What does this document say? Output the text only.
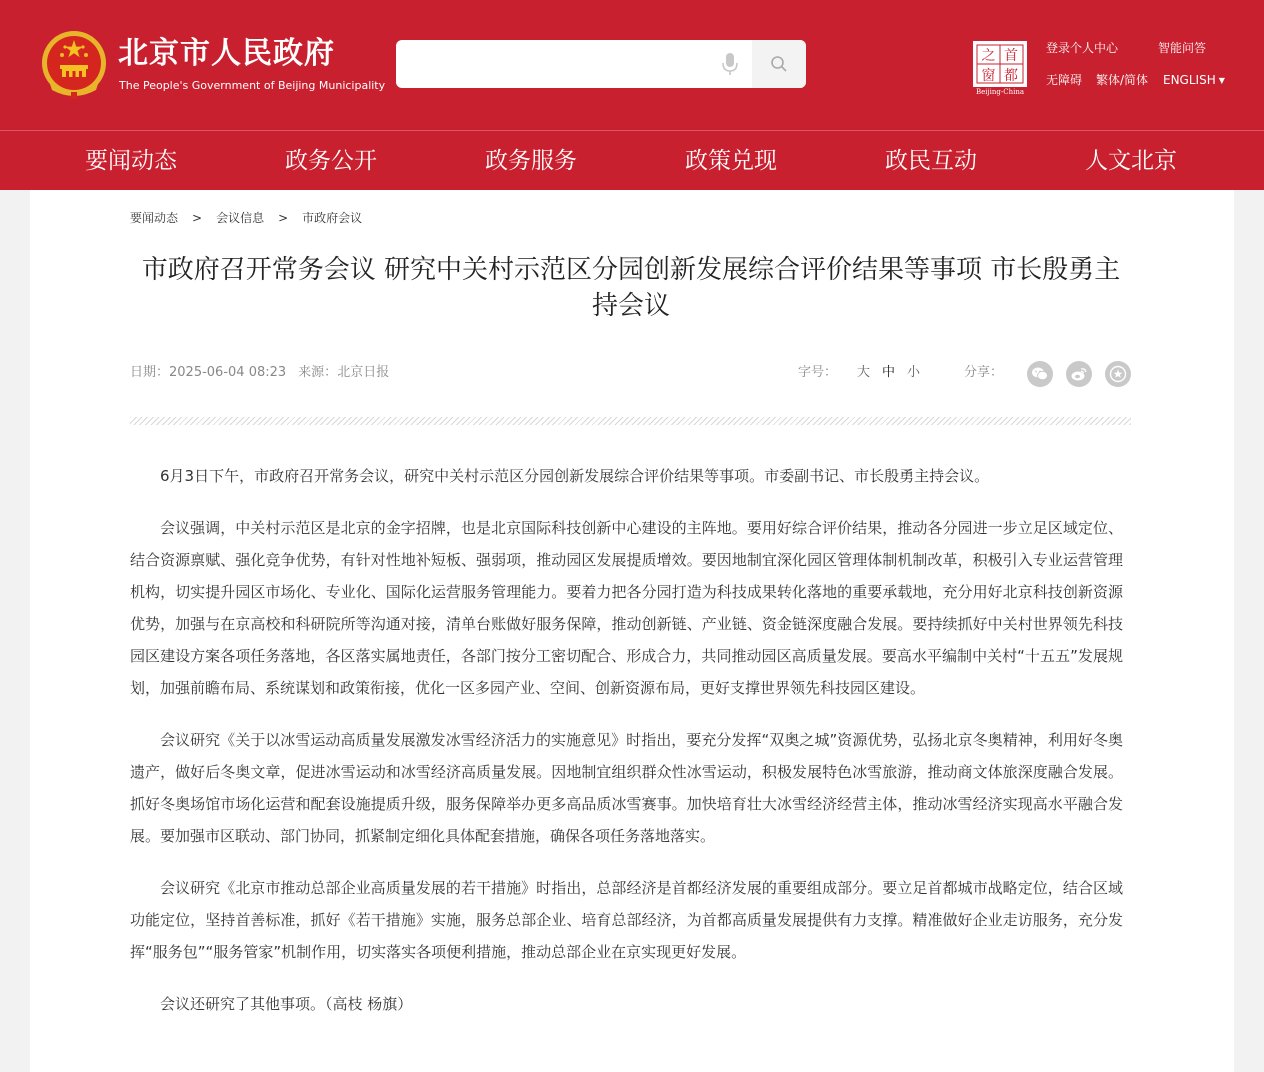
北京市人民政府
The People's Government of Beijing Municipality
首
都
之
窗
Beijing-China
登录个人中心	智能问答
无障碍 繁体/简体 ENGLISH ▼
要闻动态	政务公开	政务服务	政策兑现	政民互动	人文北京
要闻动态 > 会议信息 > 市政府会议
市政府召开常务会议 研究中关村示范区分园创新发展综合评价结果等事项 市长殷勇主持会议
日期：2025-06-04 08:23 来源：北京日报	字号： 大 中 小	分享：

6月3日下午，市政府召开常务会议，研究中关村示范区分园创新发展综合评价结果等事项。市委副书记、市长殷勇主持会议。

会议强调，中关村示范区是北京的金字招牌，也是北京国际科技创新中心建设的主阵地。要用好综合评价结果，推动各分园进一步立足区域定位、结合资源禀赋、强化竞争优势，有针对性地补短板、强弱项，推动园区发展提质增效。要因地制宜深化园区管理体制机制改革，积极引入专业运营管理机构，切实提升园区市场化、专业化、国际化运营服务管理能力。要着力把各分园打造为科技成果转化落地的重要承载地，充分用好北京科技创新资源优势，加强与在京高校和科研院所等沟通对接，清单台账做好服务保障，推动创新链、产业链、资金链深度融合发展。要持续抓好中关村世界领先科技园区建设方案各项任务落地，各区落实属地责任，各部门按分工密切配合、形成合力，共同推动园区高质量发展。要高水平编制中关村“十五五”发展规划，加强前瞻布局、系统谋划和政策衔接，优化一区多园产业、空间、创新资源布局，更好支撑世界领先科技园区建设。

会议研究《关于以冰雪运动高质量发展激发冰雪经济活力的实施意见》时指出，要充分发挥“双奥之城”资源优势，弘扬北京冬奥精神，利用好冬奥遗产，做好后冬奥文章，促进冰雪运动和冰雪经济高质量发展。因地制宜组织群众性冰雪运动，积极发展特色冰雪旅游，推动商文体旅深度融合发展。抓好冬奥场馆市场化运营和配套设施提质升级，服务保障举办更多高品质冰雪赛事。加快培育壮大冰雪经济经营主体，推动冰雪经济实现高水平融合发展。要加强市区联动、部门协同，抓紧制定细化具体配套措施，确保各项任务落地落实。

会议研究《北京市推动总部企业高质量发展的若干措施》时指出，总部经济是首都经济发展的重要组成部分。要立足首都城市战略定位，结合区域功能定位，坚持首善标准，抓好《若干措施》实施，服务总部企业、培育总部经济，为首都高质量发展提供有力支撑。精准做好企业走访服务，充分发挥“服务包”“服务管家”机制作用，切实落实各项便利措施，推动总部企业在京实现更好发展。

会议还研究了其他事项。（高枝 杨旗）
